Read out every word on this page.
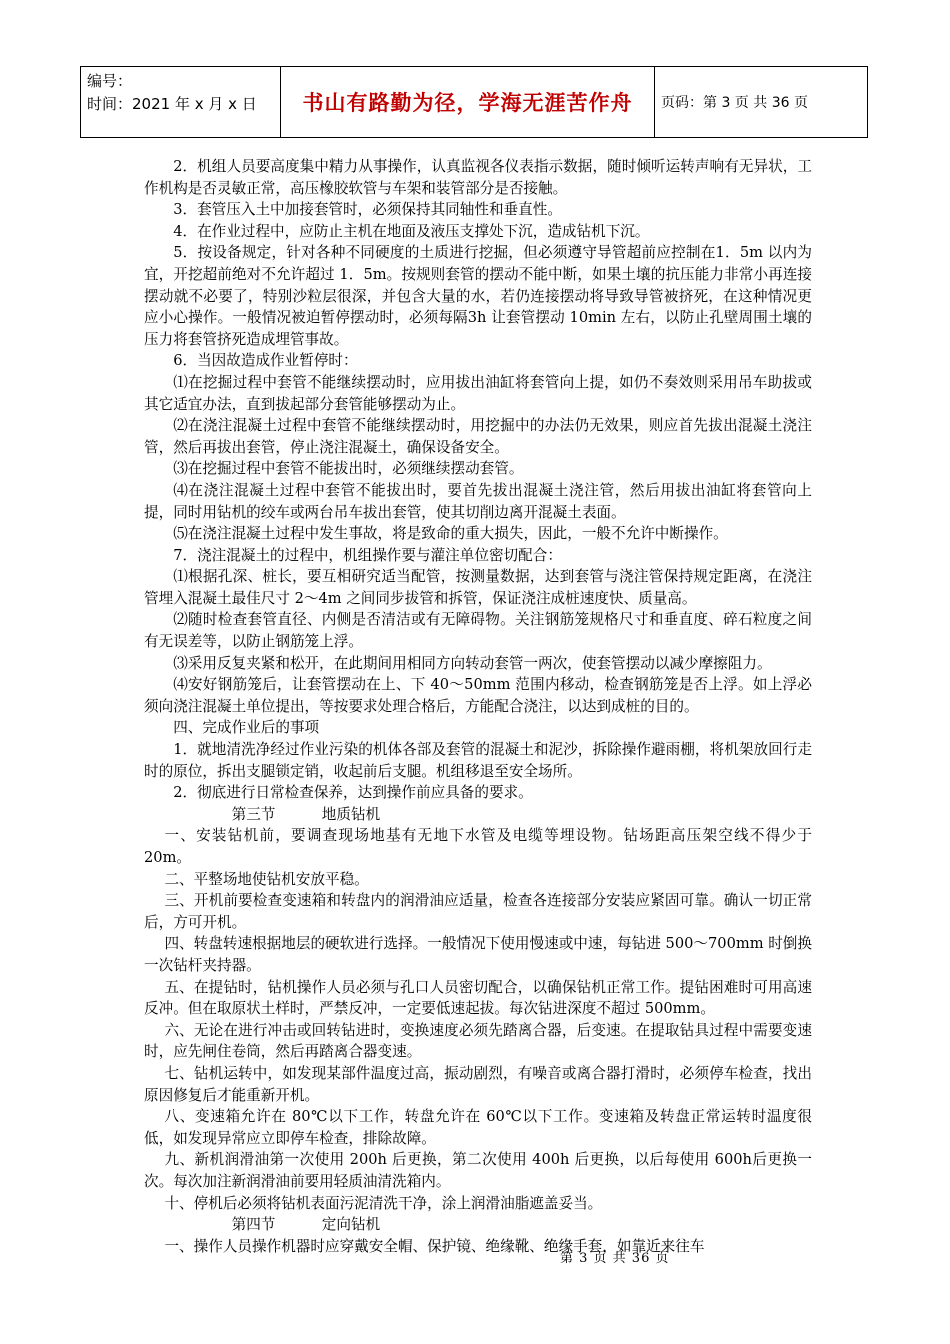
编号：
时间：2021 年 x 月 x 日	书山有路勤为径，学海无涯苦作舟	页码：第 3 页 共 36 页

2．机组人员要高度集中精力从事操作，认真监视各仪表指示数据，随时倾听运转声响有无异状，工作机构是否灵敏正常，高压橡胶软管与车架和装管部分是否接触。

3．套管压入土中加接套管时，必须保持其同轴性和垂直性。

4．在作业过程中，应防止主机在地面及液压支撑处下沉，造成钻机下沉。

5．按设备规定，针对各种不同硬度的土质进行挖掘，但必须遵守导管超前应控制在1．5m 以内为宜，开挖超前绝对不允许超过 1．5m。按规则套管的摆动不能中断，如果土壤的抗压能力非常小再连接摆动就不必要了，特别沙粒层很深，并包含大量的水，若仍连接摆动将导致导管被挤死，在这种情况更应小心操作。一般情况被迫暂停摆动时，必须每隔3h 让套管摆动 10min 左右，以防止孔壁周围土壤的压力将套管挤死造成埋管事故。

6．当因故造成作业暂停时：

⑴在挖掘过程中套管不能继续摆动时，应用拔出油缸将套管向上提，如仍不奏效则采用吊车助拔或其它适宜办法，直到拔起部分套管能够摆动为止。

⑵在浇注混凝土过程中套管不能继续摆动时，用挖掘中的办法仍无效果，则应首先拔出混凝土浇注管，然后再拔出套管，停止浇注混凝土，确保设备安全。

⑶在挖掘过程中套管不能拔出时，必须继续摆动套管。

⑷在浇注混凝土过程中套管不能拔出时，要首先拔出混凝土浇注管，然后用拔出油缸将套管向上提，同时用钻机的绞车或两台吊车拔出套管，使其切削边离开混凝土表面。

⑸在浇注混凝土过程中发生事故，将是致命的重大损失，因此，一般不允许中断操作。

7．浇注混凝土的过程中，机组操作要与灌注单位密切配合：

⑴根据孔深、桩长，要互相研究适当配管，按测量数据，达到套管与浇注管保持规定距离，在浇注管埋入混凝土最佳尺寸 2～4m 之间同步拔管和拆管，保证浇注成桩速度快、质量高。

⑵随时检查套管直径、内侧是否清洁或有无障碍物。关注钢筋笼规格尺寸和垂直度、碎石粒度之间有无误差等，以防止钢筋笼上浮。

⑶采用反复夹紧和松开，在此期间用相同方向转动套管一两次，使套管摆动以减少摩擦阻力。

⑷安好钢筋笼后，让套管摆动在上、下 40～50mm 范围内移动，检查钢筋笼是否上浮。如上浮必须向浇注混凝土单位提出，等按要求处理合格后，方能配合浇注，以达到成桩的目的。

四、完成作业后的事项

1．就地清洗净经过作业污染的机体各部及套管的混凝土和泥沙，拆除操作避雨棚，将机架放回行走时的原位，拆出支腿锁定销，收起前后支腿。机组移退至安全场所。

2．彻底进行日常检查保养，达到操作前应具备的要求。

第三节          地质钻机

一、安装钻机前，要调查现场地基有无地下水管及电缆等埋设物。钻场距高压架空线不得少于 20m。

二、平整场地使钻机安放平稳。

三、开机前要检查变速箱和转盘内的润滑油应适量，检查各连接部分安装应紧固可靠。确认一切正常后，方可开机。

四、转盘转速根据地层的硬软进行选择。一般情况下使用慢速或中速，每钻进 500～700mm 时倒换一次钻杆夹持器。

五、在提钻时，钻机操作人员必须与孔口人员密切配合，以确保钻机正常工作。提钻困难时可用高速反冲。但在取原状土样时，严禁反冲，一定要低速起拔。每次钻进深度不超过 500mm。

六、无论在进行冲击或回转钻进时，变换速度必须先踏离合器，后变速。在提取钻具过程中需要变速时，应先闸住卷筒，然后再踏离合器变速。

七、钻机运转中，如发现某部件温度过高，振动剧烈，有噪音或离合器打滑时，必须停车检查，找出原因修复后才能重新开机。

八、变速箱允许在 80℃以下工作，转盘允许在 60℃以下工作。变速箱及转盘正常运转时温度很低，如发现异常应立即停车检查，排除故障。

九、新机润滑油第一次使用 200h 后更换，第二次使用 400h 后更换，以后每使用 600h后更换一次。每次加注新润滑油前要用轻质油清洗箱内。

十、停机后必须将钻机表面污泥清洗干净，涂上润滑油脂遮盖妥当。

第四节          定向钻机

一、操作人员操作机器时应穿戴安全帽、保护镜、绝缘靴、绝缘手套，如靠近来往车

第 3 页 共 36 页
